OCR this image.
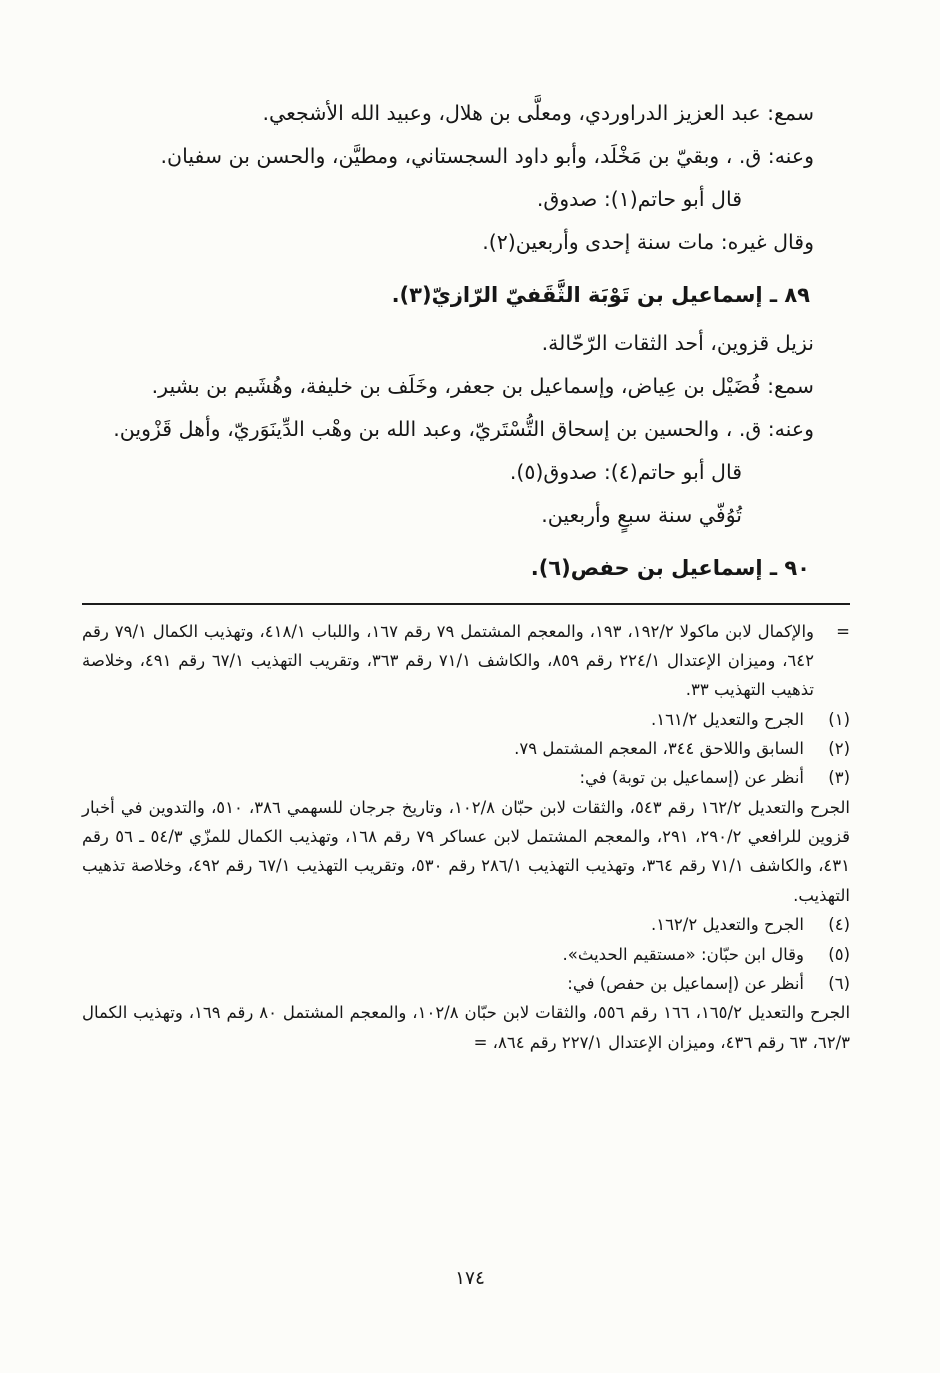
سمع: عبد العزيز الدراوردي، ومعلَّى بن هلال، وعبيد الله الأشجعي.

وعنه: ق. ، وبقيّ بن مَخْلَد، وأبو داود السجستاني، ومطيَّن، والحسن بن سفيان.

قال أبو حاتم(١): صدوق.

وقال غيره: مات سنة إحدى وأربعين(٢).

٨٩ ـ إسماعيل بن تَوْبَة الثَّقَفيّ الرّازيّ(٣).

نزيل قزوين، أحد الثقات الرّحّالة.

سمع: فُضَيْل بن عِياض، وإسماعيل بن جعفر، وخَلَف بن خليفة، وهُشَيم بن بشير.

وعنه: ق. ، والحسين بن إسحاق التُّسْتَريّ، وعبد الله بن وهْب الدِّينَوَريّ، وأهل قَزْوين.

قال أبو حاتم(٤): صدوق(٥).

تُوُفّي سنة سبعٍ وأربعين.

٩٠ ـ إسماعيل بن حفص(٦).
=

والإكمال لابن ماكولا ١٩٢/٢، ١٩٣، والمعجم المشتمل ٧٩ رقم ١٦٧، واللباب ٤١٨/١، وتهذيب الكمال ٧٩/١ رقم ٦٤٢، وميزان الإعتدال ٢٢٤/١ رقم ٨٥٩، والكاشف ٧١/١ رقم ٣٦٣، وتقريب التهذيب ٦٧/١ رقم ٤٩١، وخلاصة تذهيب التهذيب ٣٣.

(١)

الجرح والتعديل ١٦١/٢.

(٢)

السابق واللاحق ٣٤٤، المعجم المشتمل ٧٩.

(٣)

أنظر عن (إسماعيل بن توبة) في:

الجرح والتعديل ١٦٢/٢ رقم ٥٤٣، والثقات لابن حبّان ١٠٢/٨، وتاريخ جرجان للسهمي ٣٨٦، ٥١٠، والتدوين في أخبار قزوين للرافعي ٢٩٠/٢، ٢٩١، والمعجم المشتمل لابن عساكر ٧٩ رقم ١٦٨، وتهذيب الكمال للمزّي ٥٤/٣ ـ ٥٦ رقم ٤٣١، والكاشف ٧١/١ رقم ٣٦٤، وتهذيب التهذيب ٢٨٦/١ رقم ٥٣٠، وتقريب التهذيب ٦٧/١ رقم ٤٩٢، وخلاصة تذهيب التهذيب.

(٤)

الجرح والتعديل ١٦٢/٢.

(٥)

وقال ابن حبّان: «مستقيم الحديث».

(٦)

أنظر عن (إسماعيل بن حفص) في:

الجرح والتعديل ١٦٥/٢، ١٦٦ رقم ٥٥٦، والثقات لابن حبّان ١٠٢/٨، والمعجم المشتمل ٨٠ رقم ١٦٩، وتهذيب الكمال ٦٢/٣، ٦٣ رقم ٤٣٦، وميزان الإعتدال ٢٢٧/١ رقم ٨٦٤، =

١٧٤
